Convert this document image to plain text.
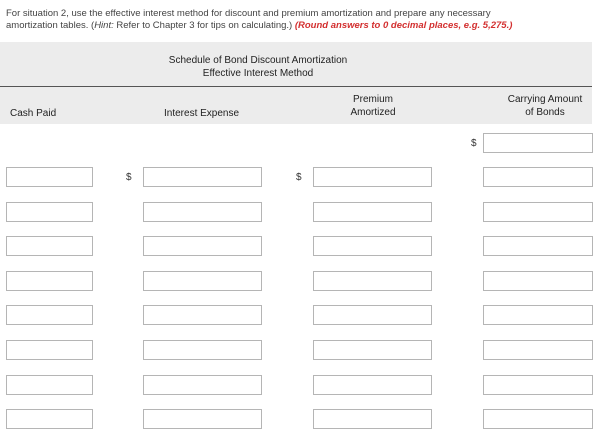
For situation 2, use the effective interest method for discount and premium amortization and prepare any necessary
amortization tables. (Hint: Refer to Chapter 3 for tips on calculating.) (Round answers to 0 decimal places, e.g. 5,275.)
Schedule of Bond Discount Amortization
Effective Interest Method
Cash Paid	Interest Expense
Premium
Amortized
Carrying Amount
of Bonds
$
$	$
